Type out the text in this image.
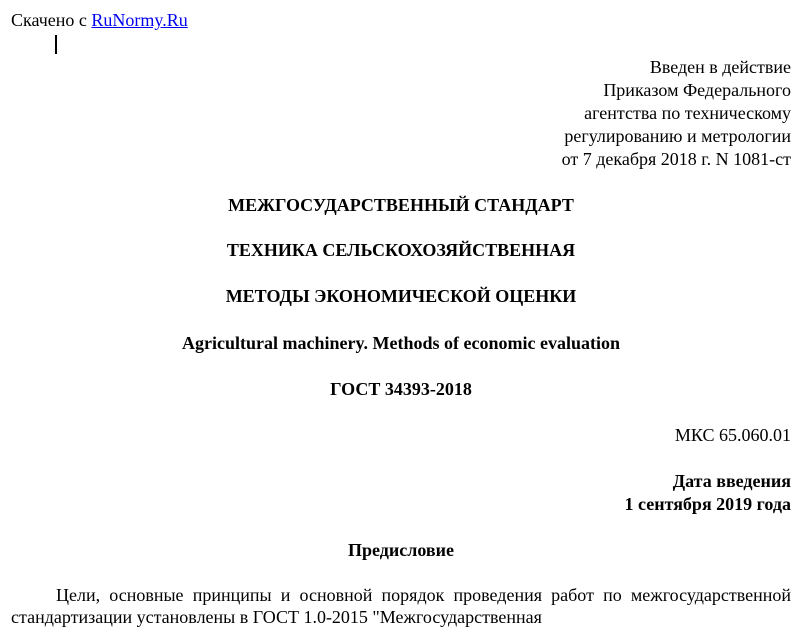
Скачено с RuNormy.Ru
Введен в действие
Приказом Федерального
агентства по техническому
регулированию и метрологии
от 7 декабря 2018 г. N 1081-ст
МЕЖГОСУДАРСТВЕННЫЙ СТАНДАРТ
ТЕХНИКА СЕЛЬСКОХОЗЯЙСТВЕННАЯ
МЕТОДЫ ЭКОНОМИЧЕСКОЙ ОЦЕНКИ
Agricultural machinery. Methods of economic evaluation
ГОСТ 34393-2018
МКС 65.060.01
Дата введения
1 сентября 2019 года
Предисловие
Цели, основные принципы и основной порядок проведения работ по межгосударственной стандартизации установлены в ГОСТ 1.0-2015 "Межгосударственная
